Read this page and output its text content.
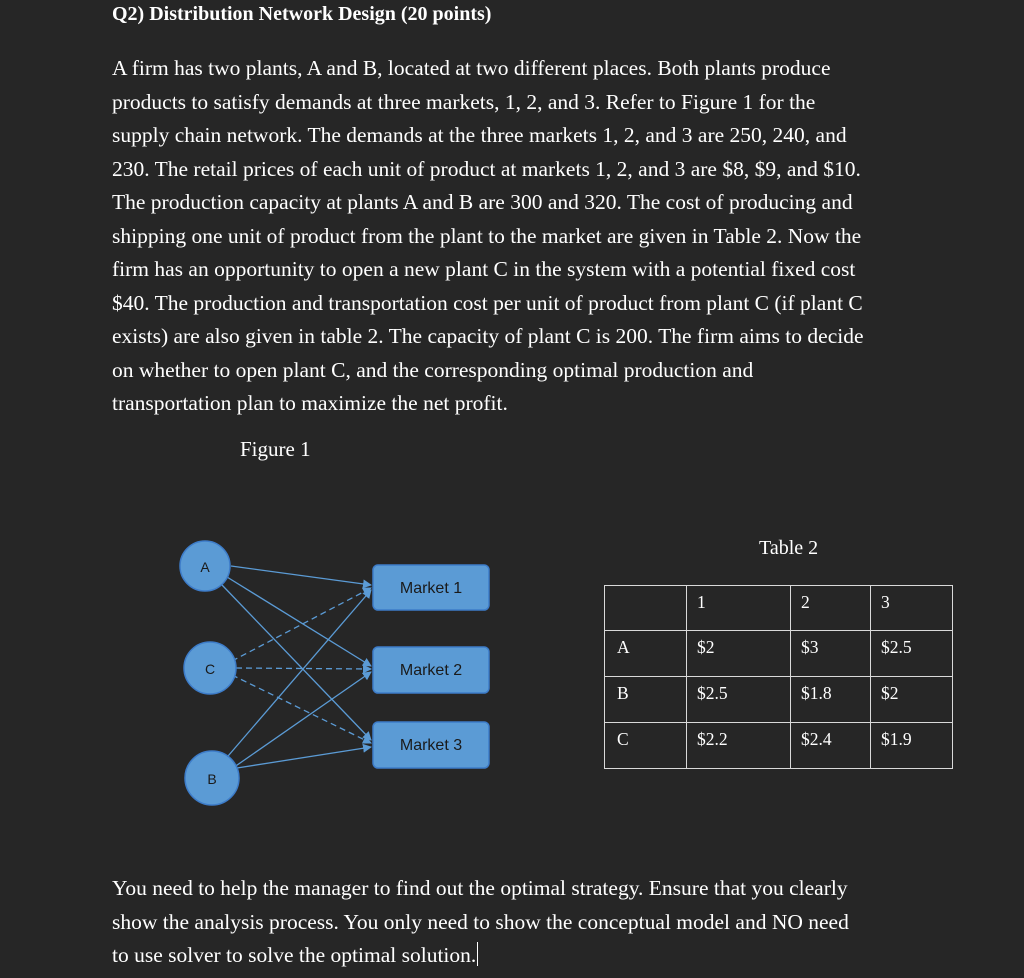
Q2) Distribution Network Design (20 points)
A firm has two plants, A and B, located at two different places. Both plants produce
products to satisfy demands at three markets, 1, 2, and 3. Refer to Figure 1 for the
supply chain network. The demands at the three markets 1, 2, and 3 are 250, 240, and
230. The retail prices of each unit of product at markets 1, 2, and 3 are $8, $9, and $10.
The production capacity at plants A and B are 300 and 320. The cost of producing and
shipping one unit of product from the plant to the market are given in Table 2. Now the
firm has an opportunity to open a new plant C in the system with a potential fixed cost
$40. The production and transportation cost per unit of product from plant C (if plant C
exists) are also given in table 2. The capacity of plant C is 200. The firm aims to decide
on whether to open plant C, and the corresponding optimal production and
transportation plan to maximize the net profit.
Figure 1
A
C
B
Market 1
Market 2
Market 3
Table 2
	1	2	3
A	$2	$3	$2.5
B	$2.5	$1.8	$2
C	$2.2	$2.4	$1.9
You need to help the manager to find out the optimal strategy. Ensure that you clearly
show the analysis process. You only need to show the conceptual model and NO need
to use solver to solve the optimal solution.
